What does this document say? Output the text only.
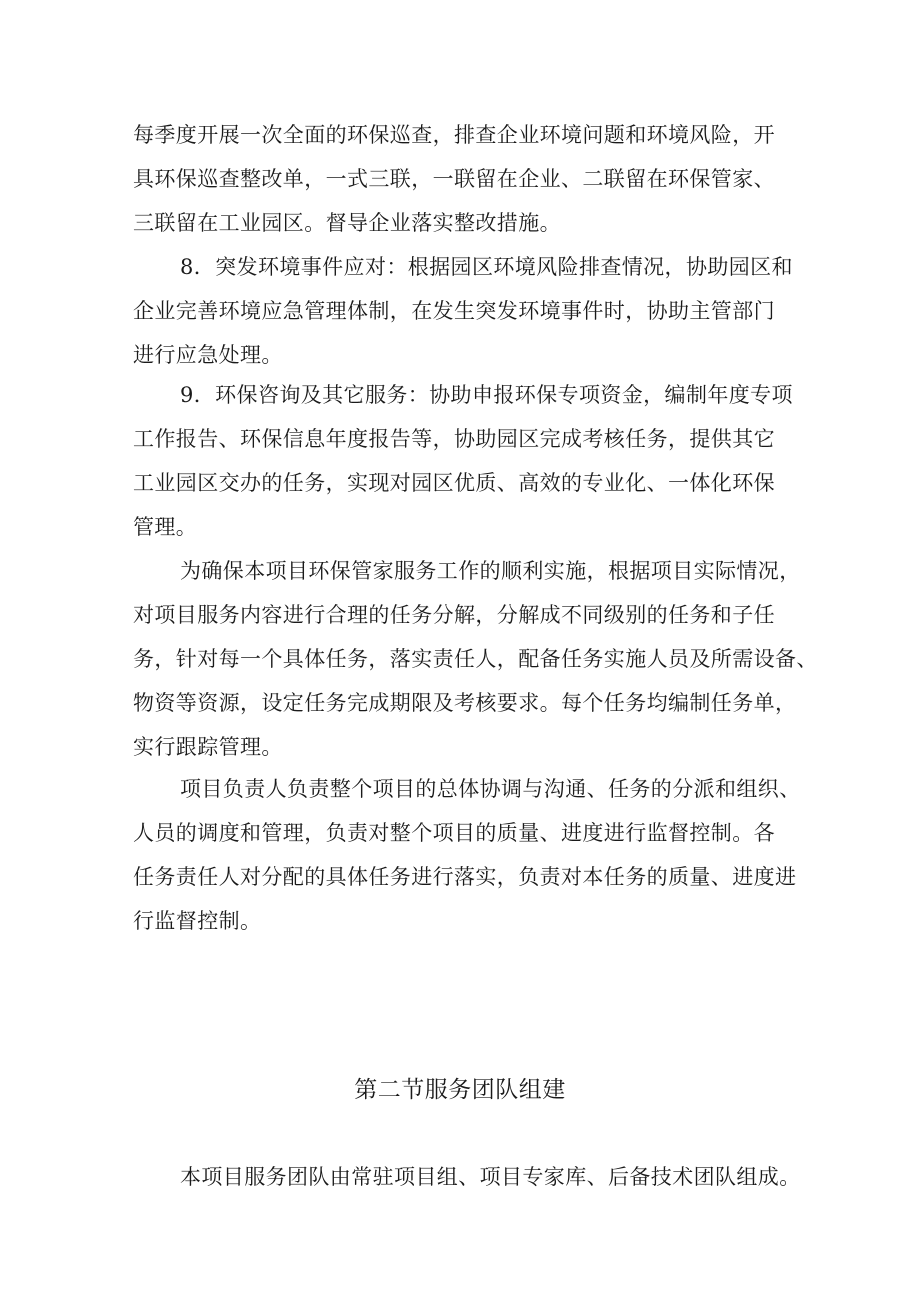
每季度开展一次全面的环保巡查，排查企业环境问题和环境风险，开
具环保巡查整改单，一式三联，一联留在企业、二联留在环保管家、
三联留在工业园区。督导企业落实整改措施。
8．突发环境事件应对：根据园区环境风险排查情况，协助园区和
企业完善环境应急管理体制，在发生突发环境事件时，协助主管部门
进行应急处理。
9．环保咨询及其它服务：协助申报环保专项资金，编制年度专项
工作报告、环保信息年度报告等，协助园区完成考核任务，提供其它
工业园区交办的任务，实现对园区优质、高效的专业化、一体化环保
管理。
为确保本项目环保管家服务工作的顺利实施，根据项目实际情况，
对项目服务内容进行合理的任务分解，分解成不同级别的任务和子任
务，针对每一个具体任务，落实责任人，配备任务实施人员及所需设备、
物资等资源，设定任务完成期限及考核要求。每个任务均编制任务单，
实行跟踪管理。
项目负责人负责整个项目的总体协调与沟通、任务的分派和组织、
人员的调度和管理，负责对整个项目的质量、进度进行监督控制。各
任务责任人对分配的具体任务进行落实，负责对本任务的质量、进度进
行监督控制。
第二节服务团队组建
本项目服务团队由常驻项目组、项目专家库、后备技术团队组成。
